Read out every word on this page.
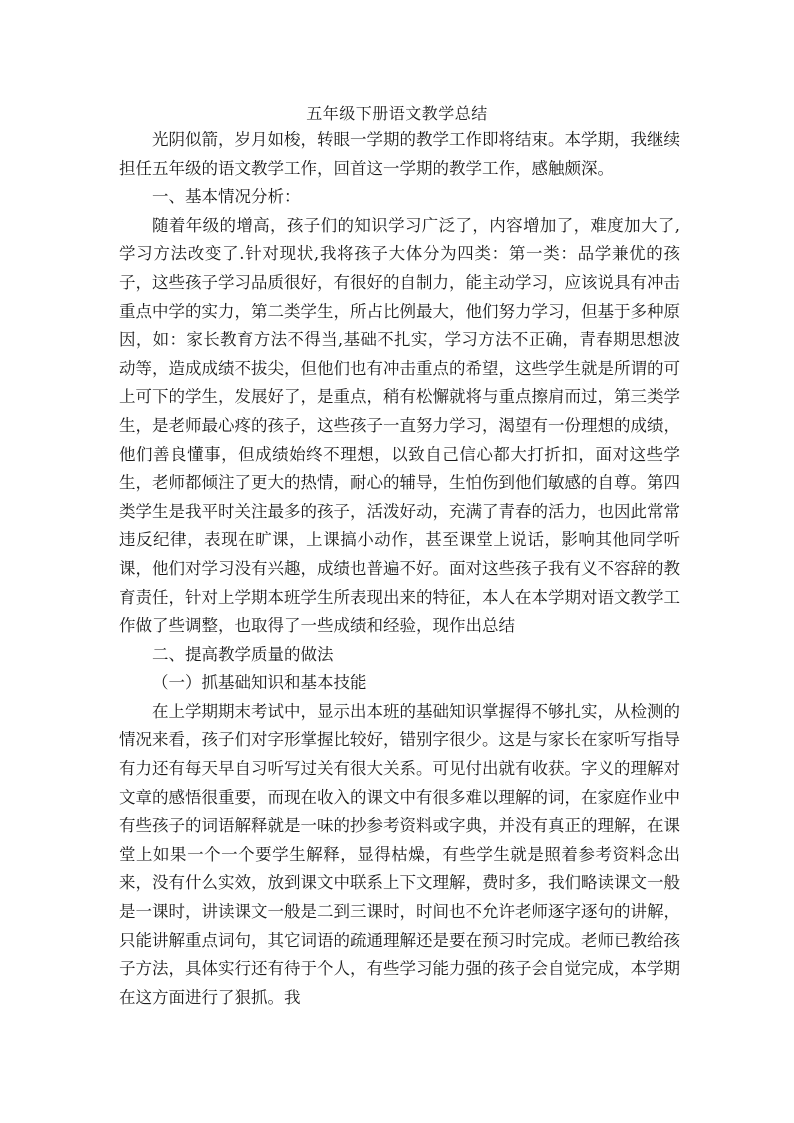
五年级下册语文教学总结

光阴似箭，岁月如梭，转眼一学期的教学工作即将结束。本学期，我继续担任五年级的语文教学工作，回首这一学期的教学工作，感触颇深。

一、基本情况分析：

随着年级的增高，孩子们的知识学习广泛了，内容增加了，难度加大了,学习方法改变了.针对现状,我将孩子大体分为四类：第一类：品学兼优的孩子，这些孩子学习品质很好，有很好的自制力，能主动学习，应该说具有冲击重点中学的实力，第二类学生，所占比例最大，他们努力学习，但基于多种原因，如：家长教育方法不得当,基础不扎实，学习方法不正确，青春期思想波动等，造成成绩不拔尖，但他们也有冲击重点的希望，这些学生就是所谓的可上可下的学生，发展好了，是重点，稍有松懈就将与重点擦肩而过，第三类学生，是老师最心疼的孩子，这些孩子一直努力学习，渴望有一份理想的成绩，他们善良懂事，但成绩始终不理想，以致自己信心都大打折扣，面对这些学生，老师都倾注了更大的热情，耐心的辅导，生怕伤到他们敏感的自尊。第四类学生是我平时关注最多的孩子，活泼好动，充满了青春的活力，也因此常常违反纪律，表现在旷课，上课搞小动作，甚至课堂上说话，影响其他同学听课，他们对学习没有兴趣，成绩也普遍不好。面对这些孩子我有义不容辞的教育责任，针对上学期本班学生所表现出来的特征，本人在本学期对语文教学工作做了些调整，也取得了一些成绩和经验，现作出总结

二、提高教学质量的做法

（一）抓基础知识和基本技能

在上学期期末考试中，显示出本班的基础知识掌握得不够扎实，从检测的情况来看，孩子们对字形掌握比较好，错别字很少。这是与家长在家听写指导有力还有每天早自习听写过关有很大关系。可见付出就有收获。字义的理解对文章的感悟很重要，而现在收入的课文中有很多难以理解的词，在家庭作业中有些孩子的词语解释就是一味的抄参考资料或字典，并没有真正的理解，在课堂上如果一个一个要学生解释，显得枯燥，有些学生就是照着参考资料念出来，没有什么实效，放到课文中联系上下文理解，费时多，我们略读课文一般是一课时，讲读课文一般是二到三课时，时间也不允许老师逐字逐句的讲解，只能讲解重点词句，其它词语的疏通理解还是要在预习时完成。老师已教给孩子方法，具体实行还有待于个人，有些学习能力强的孩子会自觉完成，本学期在这方面进行了狠抓。我
